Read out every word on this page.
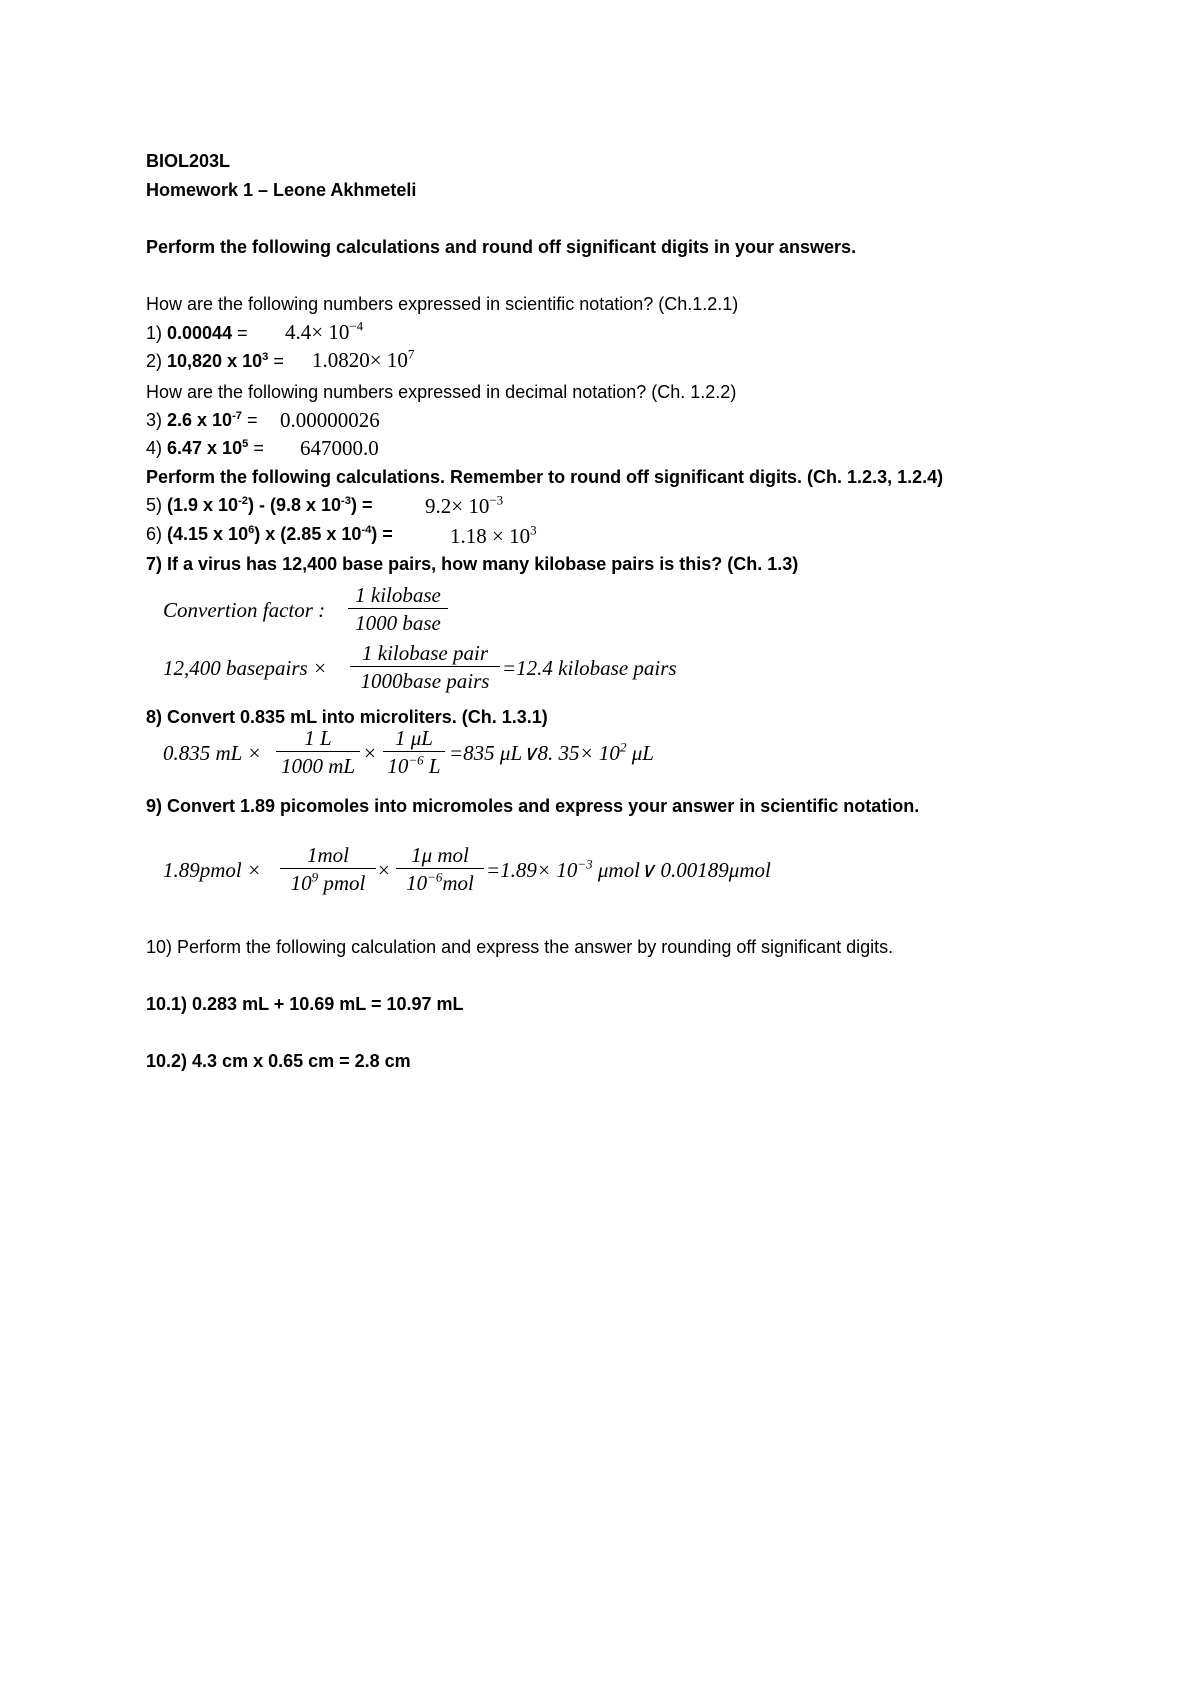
BIOL203L
Homework 1 – Leone Akhmeteli
Perform the following calculations and round off significant digits in your answers.
How are the following numbers expressed in scientific notation? (Ch.1.2.1)
1) $0.00044 = 4.4\times 10^{-4}$
2) 10,820 x $10^3 = 1.0820\times 10^7$
How are the following numbers expressed in decimal notation? (Ch. 1.2.2)
3) 2.6 x $10^{-7} = 0.00000026$
4) 6.47 x $10^5 = 647000.0$
Perform the following calculations. Remember to round off significant digits. (Ch. 1.2.3, 1.2.4)
5) (1.9 x $10^{-2}) - (9.8$ x $10^{-3}$) =	$9.2\times 10^{-3}$
6) (4.15 x $10^6$) x (2.85 x $10^{-4}$) =	$1.18 \times 10^3$
7) If a virus has 12,400 base pairs, how many kilobase pairs is this? (Ch. 1.3)
Convertion factor :
1 kilobase
1000 base
12,400 basepairs ×
1 kilobase pair
1000base pairs
=12.4 kilobase pairs
8) Convert 0.835 mL into microliters. (Ch. 1.3.1)
0.835 mL ×
1 L
1000 mL
×
1 μL
$10^{-6}$ L
=835 μL∨8. $35\times 10^2$ μL
9) Convert 1.89 picomoles into micromoles and express your answer in scientific notation.
1.89pmol ×
1mol
$10^9$ pmol
×
1μ mol
$10^{-6}mol$
$=1.89\times 10^{-3}$ μmol∨ 0.00189μmol
10) Perform the following calculation and express the answer by rounding off significant digits.
10.1) 0.283 mL + 10.69 mL = 10.97 mL
10.2) 4.3 cm x 0.65 cm = 2.8 cm
